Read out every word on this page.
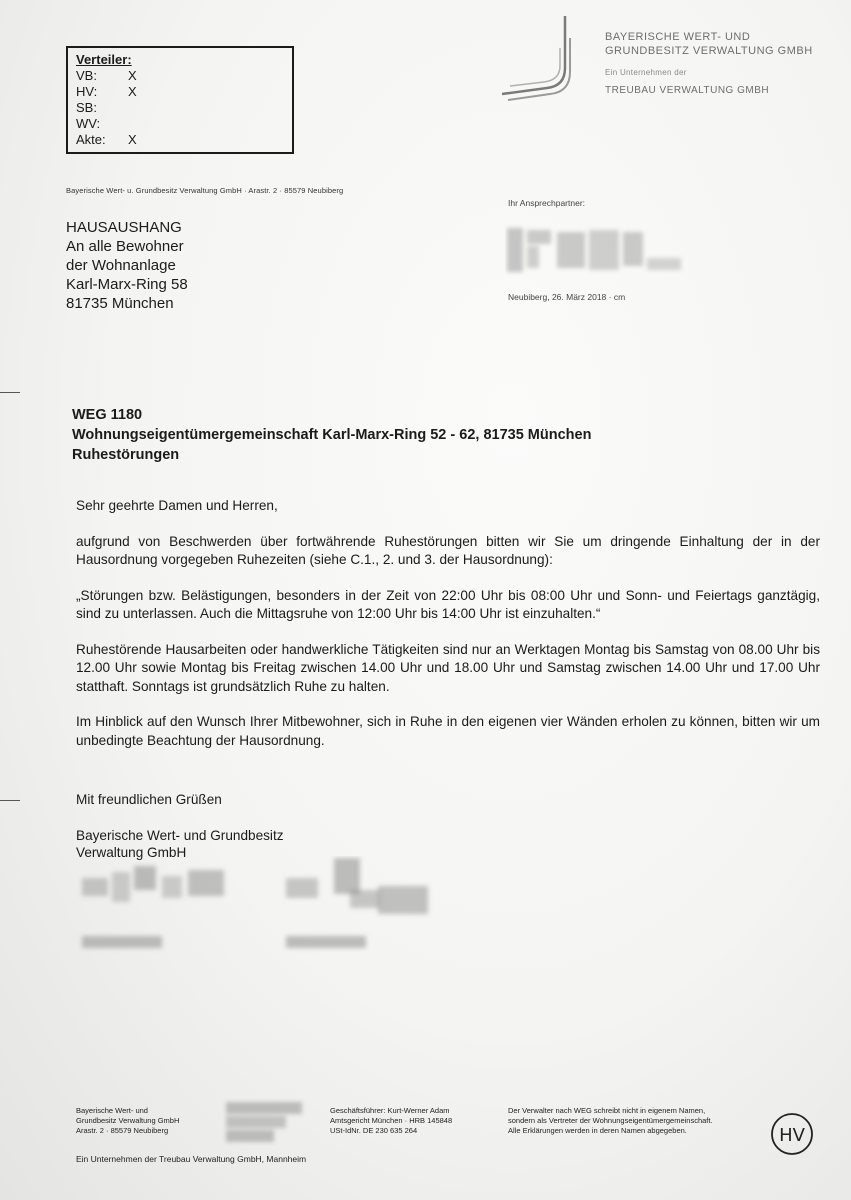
Verteiler:
VB:	X
HV:	X
SB:
WV:
Akte:	X
BAYERISCHE WERT- UND
GRUNDBESITZ VERWALTUNG GMBH
Ein Unternehmen der
TREUBAU VERWALTUNG GMBH
Bayerische Wert- u. Grundbesitz Verwaltung GmbH · Arastr. 2 · 85579 Neubiberg
HAUSAUSHANG
An alle Bewohner
der Wohnanlage
Karl-Marx-Ring 58
81735 München
Ihr Ansprechpartner:
Neubiberg, 26. März 2018 · cm
WEG 1180
Wohnungseigentümergemeinschaft Karl-Marx-Ring 52 - 62, 81735 München
Ruhestörungen

Sehr geehrte Damen und Herren,

aufgrund von Beschwerden über fortwährende Ruhestörungen bitten wir Sie um dringende Einhaltung der in der Hausordnung vorgegeben Ruhezeiten (siehe C.1., 2. und 3. der Hausordnung):

„Störungen bzw. Belästigungen, besonders in der Zeit von 22:00 Uhr bis 08:00 Uhr und Sonn- und Feiertags ganztägig, sind zu unterlassen. Auch die Mittagsruhe von 12:00 Uhr bis 14:00 Uhr ist einzuhalten.“

Ruhestörende Hausarbeiten oder handwerkliche Tätigkeiten sind nur an Werktagen Montag bis Samstag von 08.00 Uhr bis 12.00 Uhr sowie Montag bis Freitag zwischen 14.00 Uhr und 18.00 Uhr und Samstag zwischen 14.00 Uhr und 17.00 Uhr statthaft. Sonntags ist grundsätzlich Ruhe zu halten.

Im Hinblick auf den Wunsch Ihrer Mitbewohner, sich in Ruhe in den eigenen vier Wänden erholen zu können, bitten wir um unbedingte Beachtung der Hausordnung.

Mit freundlichen Grüßen
Bayerische Wert- und Grundbesitz
Verwaltung GmbH
Bayerische Wert- und
Grundbesitz Verwaltung GmbH
Arastr. 2 · 85579 Neubiberg
Geschäftsführer: Kurt-Werner Adam
Amtsgericht München · HRB 145848
USt-IdNr. DE 230 635 264
Der Verwalter nach WEG schreibt nicht in eigenem Namen,
sondern als Vertreter der Wohnungseigentümergemeinschaft.
Alle Erklärungen werden in deren Namen abgegeben.
Ein Unternehmen der Treubau Verwaltung GmbH, Mannheim
HV
